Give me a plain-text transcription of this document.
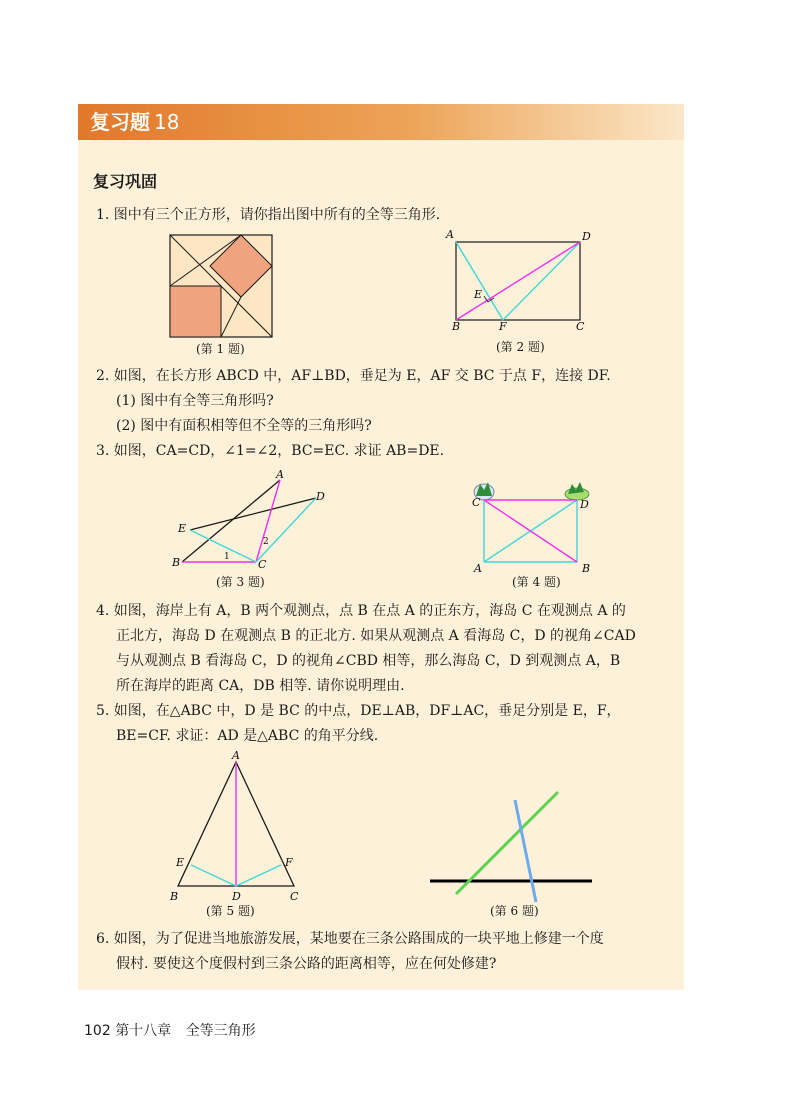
复习题 18
复习巩固
1. 图中有三个正方形，请你指出图中所有的全等三角形.
(第 1 题)
A	D
B	F	C
E
(第 2 题)
2. 如图，在长方形 ABCD 中，AF⊥BD，垂足为 E，AF 交 BC 于点 F，连接 DF.
(1) 图中有全等三角形吗?
(2) 图中有面积相等但不全等的三角形吗?
3. 如图，CA=CD，∠1=∠2，BC=EC. 求证 AB=DE.
A
D
E
B	C
1
2
(第 3 题)
C	D
A	B
(第 4 题)
4. 如图，海岸上有 A，B 两个观测点，点 B 在点 A 的正东方，海岛 C 在观测点 A 的
正北方，海岛 D 在观测点 B 的正北方. 如果从观测点 A 看海岛 C，D 的视角∠CAD
与从观测点 B 看海岛 C，D 的视角∠CBD 相等，那么海岛 C，D 到观测点 A，B
所在海岸的距离 CA，DB 相等. 请你说明理由.
5. 如图，在△ABC 中，D 是 BC 的中点，DE⊥AB，DF⊥AC，垂足分别是 E，F，
BE=CF. 求证：AD 是△ABC 的角平分线.
A
E	F
B	D	C
(第 5 题)	(第 6 题)
6. 如图，为了促进当地旅游发展，某地要在三条公路围成的一块平地上修建一个度
假村. 要使这个度假村到三条公路的距离相等，应在何处修建?
102 第十八章 全等三角形
